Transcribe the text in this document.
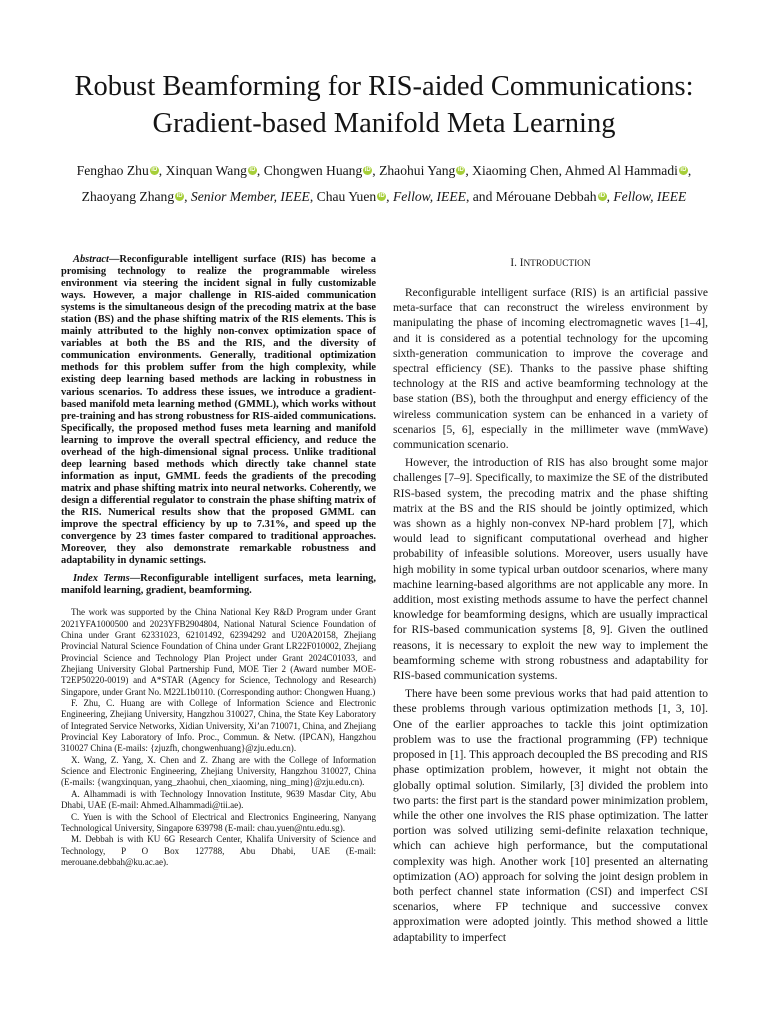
Robust Beamforming for RIS-aided Communications:
Gradient-based Manifold Meta Learning
Fenghao Zhu iD , Xinquan Wang iD , Chongwen Huang iD , Zhaohui Yang iD , Xiaoming Chen, Ahmed Al Hammadi iD ,
Zhaoyang Zhang iD , Senior Member, IEEE, Chau Yuen iD , Fellow, IEEE, and Mérouane Debbah iD , Fellow, IEEE

Abstract—Reconfigurable intelligent surface (RIS) has become a promising technology to realize the programmable wireless environment via steering the incident signal in fully customizable ways. However, a major challenge in RIS-aided communication systems is the simultaneous design of the precoding matrix at the base station (BS) and the phase shifting matrix of the RIS elements. This is mainly attributed to the highly non-convex optimization space of variables at both the BS and the RIS, and the diversity of communication environments. Generally, traditional optimization methods for this problem suffer from the high complexity, while existing deep learning based methods are lacking in robustness in various scenarios. To address these issues, we introduce a gradient-based manifold meta learning method (GMML), which works without pre-training and has strong robustness for RIS-aided communications. Specifically, the proposed method fuses meta learning and manifold learning to improve the overall spectral efficiency, and reduce the overhead of the high-dimensional signal process. Unlike traditional deep learning based methods which directly take channel state information as input, GMML feeds the gradients of the precoding matrix and phase shifting matrix into neural networks. Coherently, we design a differential regulator to constrain the phase shifting matrix of the RIS. Numerical results show that the proposed GMML can improve the spectral efficiency by up to 7.31%, and speed up the convergence by 23 times faster compared to traditional approaches. Moreover, they also demonstrate remarkable robustness and adaptability in dynamic settings.

Index Terms—Reconfigurable intelligent surfaces, meta learning, manifold learning, gradient, beamforming.

The work was supported by the China National Key R&D Program under Grant 2021YFA1000500 and 2023YFB2904804, National Natural Science Foundation of China under Grant 62331023, 62101492, 62394292 and U20A20158, Zhejiang Provincial Natural Science Foundation of China under Grant LR22F010002, Zhejiang Provincial Science and Technology Plan Project under Grant 2024C01033, and Zhejiang University Global Partnership Fund, MOE Tier 2 (Award number MOE-T2EP50220-0019) and A*STAR (Agency for Science, Technology and Research) Singapore, under Grant No. M22L1b0110. (Corresponding author: Chongwen Huang.)

F. Zhu, C. Huang are with College of Information Science and Electronic Engineering, Zhejiang University, Hangzhou 310027, China, the State Key Laboratory of Integrated Service Networks, Xidian University, Xi’an 710071, China, and Zhejiang Provincial Key Laboratory of Info. Proc., Commun. & Netw. (IPCAN), Hangzhou 310027 China (E-mails: {zjuzfh, chongwenhuang}@zju.edu.cn).

X. Wang, Z. Yang, X. Chen and Z. Zhang are with the College of Information Science and Electronic Engineering, Zhejiang University, Hangzhou 310027, China (E-mails: {wangxinquan, yang_zhaohui, chen_xiaoming, ning_ming}@zju.edu.cn).

A. Alhammadi is with Technology Innovation Institute, 9639 Masdar City, Abu Dhabi, UAE (E-mail: Ahmed.Alhammadi@tii.ae).

C. Yuen is with the School of Electrical and Electronics Engineering, Nanyang Technological University, Singapore 639798 (E-mail: chau.yuen@ntu.edu.sg).

M. Debbah is with KU 6G Research Center, Khalifa University of Science and Technology, P O Box 127788, Abu Dhabi, UAE (E-mail: merouane.debbah@ku.ac.ae).

I. INTRODUCTION

Reconfigurable intelligent surface (RIS) is an artificial passive meta-surface that can reconstruct the wireless environment by manipulating the phase of incoming electromagnetic waves [1–4], and it is considered as a potential technology for the upcoming sixth-generation communication to improve the coverage and spectral efficiency (SE). Thanks to the passive phase shifting technology at the RIS and active beamforming technology at the base station (BS), both the throughput and energy efficiency of the wireless communication system can be enhanced in a variety of scenarios [5, 6], especially in the millimeter wave (mmWave) communication scenario.

However, the introduction of RIS has also brought some major challenges [7–9]. Specifically, to maximize the SE of the distributed RIS-based system, the precoding matrix and the phase shifting matrix at the BS and the RIS should be jointly optimized, which was shown as a highly non-convex NP-hard problem [7], which would lead to significant computational overhead and higher probability of infeasible solutions. Moreover, users usually have high mobility in some typical urban outdoor scenarios, where many machine learning-based algorithms are not applicable any more. In addition, most existing methods assume to have the perfect channel knowledge for beamforming designs, which are usually impractical for RIS-based communication systems [8, 9]. Given the outlined reasons, it is necessary to exploit the new way to implement the beamforming scheme with strong robustness and adaptability for RIS-based communication systems.

There have been some previous works that had paid attention to these problems through various optimization methods [1, 3, 10]. One of the earlier approaches to tackle this joint optimization problem was to use the fractional programming (FP) technique proposed in [1]. This approach decoupled the BS precoding and RIS phase optimization problem, however, it might not obtain the globally optimal solution. Similarly, [3] divided the problem into two parts: the first part is the standard power minimization problem, while the other one involves the RIS phase optimization. The latter portion was solved utilizing semi-definite relaxation technique, which can achieve high performance, but the computational complexity was high. Another work [10] presented an alternating optimization (AO) approach for solving the joint design problem in both perfect channel state information (CSI) and imperfect CSI scenarios, where FP technique and successive convex approximation were adopted jointly. This method showed a little adaptability to imperfect
